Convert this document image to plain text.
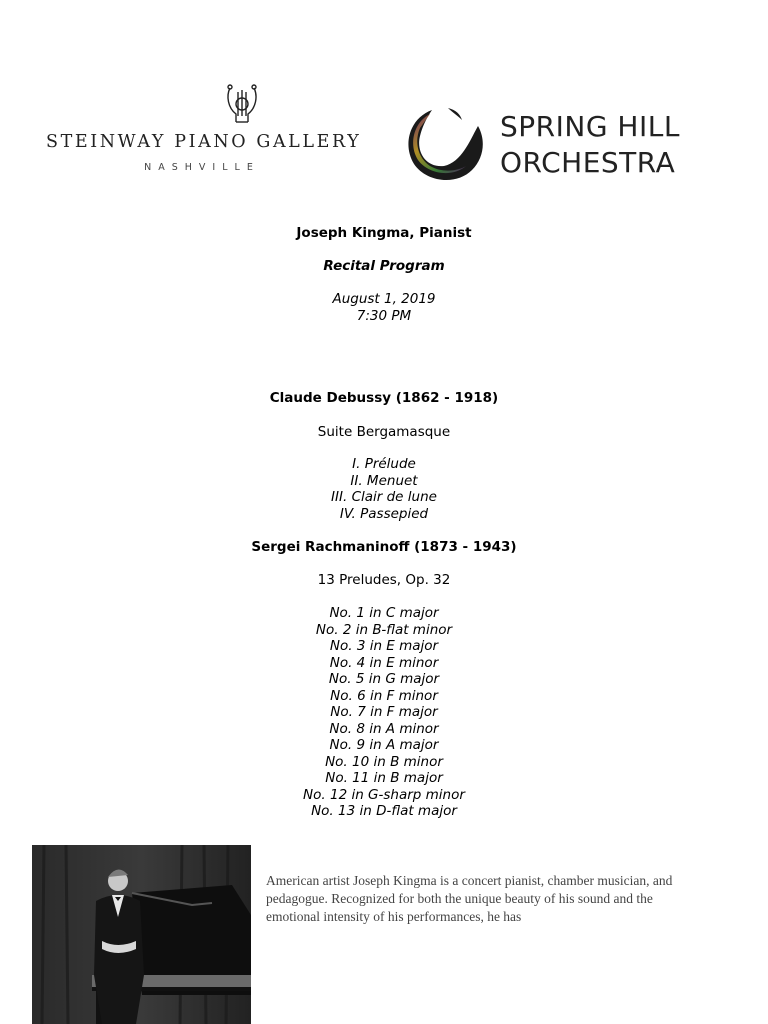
STEINWAY PIANO GALLERY
NASHVILLE
SPRING HILL
ORCHESTRA
Joseph Kingma, Pianist
Recital Program
August 1, 2019
7:30 PM
Claude Debussy (1862 - 1918)
Suite Bergamasque
I. Prélude
II. Menuet
III. Clair de lune
IV. Passepied
Sergei Rachmaninoff (1873 - 1943)
13 Preludes, Op. 32
No. 1 in C major
No. 2 in B-flat minor
No. 3 in E major
No. 4 in E minor
No. 5 in G major
No. 6 in F minor
No. 7 in F major
No. 8 in A minor
No. 9 in A major
No. 10 in B minor
No. 11 in B major
No. 12 in G-sharp minor
No. 13 in D-flat major
American artist Joseph Kingma is a concert pianist, chamber musician, and pedagogue. Recognized for both the unique beauty of his sound and the emotional intensity of his performances, he has
